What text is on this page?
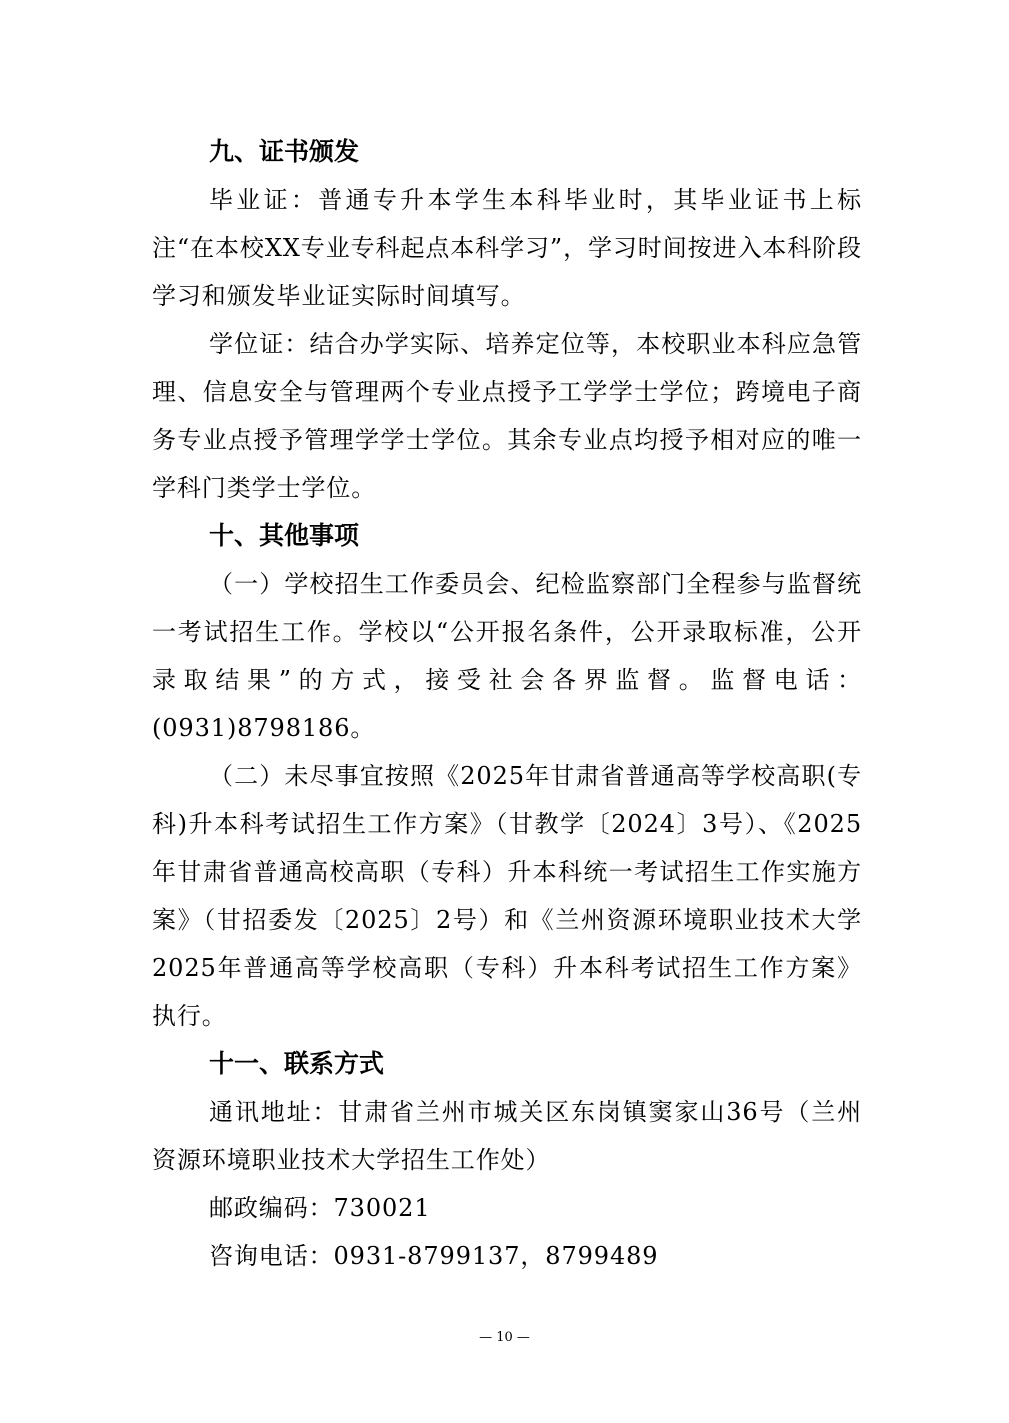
九、证书颁发

毕业证：普通专升本学生本科毕业时，其毕业证书上标注“在本校XX专业专科起点本科学习”，学习时间按进入本科阶段学习和颁发毕业证实际时间填写。

学位证：结合办学实际、培养定位等，本校职业本科应急管理、信息安全与管理两个专业点授予工学学士学位；跨境电子商务专业点授予管理学学士学位。其余专业点均授予相对应的唯一学科门类学士学位。

十、其他事项

（一）学校招生工作委员会、纪检监察部门全程参与监督统一考试招生工作。学校以“公开报名条件，公开录取标准，公开录取结果”的方式，接受社会各界监督。监督电话：(0931)8798186。

（二）未尽事宜按照《2025年甘肃省普通高等学校高职(专科)升本科考试招生工作方案》（甘教学〔2024〕3号）、《2025年甘肃省普通高校高职（专科）升本科统一考试招生工作实施方案》（甘招委发〔2025〕2号）和《兰州资源环境职业技术大学2025年普通高等学校高职（专科）升本科考试招生工作方案》执行。

十一、联系方式

通讯地址：甘肃省兰州市城关区东岗镇窦家山36号（兰州资源环境职业技术大学招生工作处）

邮政编码：730021

咨询电话：0931-8799137，8799489

— 10 —
